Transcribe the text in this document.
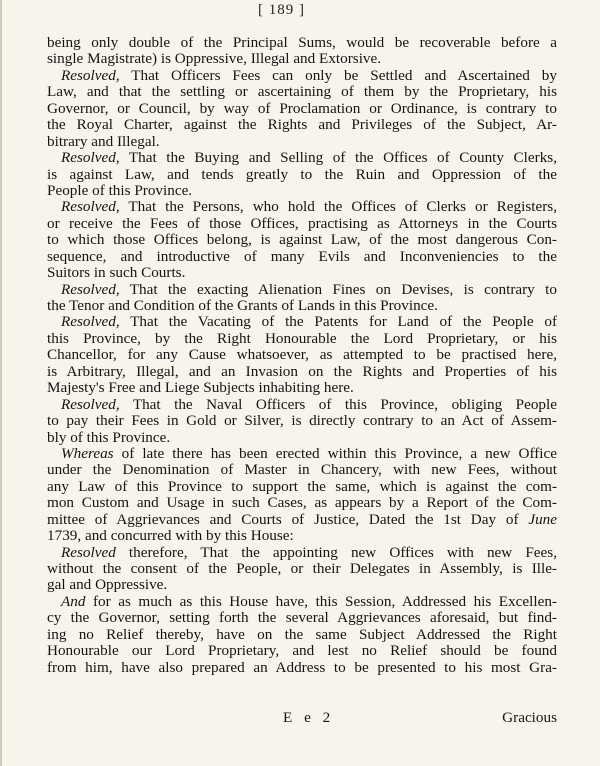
[ 189 ]
being only double of the Principal Sums, would be recoverable before a
single Magistrate) is Oppressive, Illegal and Extorsive.
Resolved, That Officers Fees can only be Settled and Ascertained by
Law, and that the settling or ascertaining of them by the Proprietary, his
Governor, or Council, by way of Proclamation or Ordinance, is contrary to
the Royal Charter, against the Rights and Privileges of the Subject, Ar-
bitrary and Illegal.
Resolved, That the Buying and Selling of the Offices of County Clerks,
is against Law, and tends greatly to the Ruin and Oppression of the
People of this Province.
Resolved, That the Persons, who hold the Offices of Clerks or Registers,
or receive the Fees of those Offices, practising as Attorneys in the Courts
to which those Offices belong, is against Law, of the most dangerous Con-
sequence, and introductive of many Evils and Inconveniencies to the
Suitors in such Courts.
Resolved, That the exacting Alienation Fines on Devises, is contrary to
the Tenor and Condition of the Grants of Lands in this Province.
Resolved, That the Vacating of the Patents for Land of the People of
this Province, by the Right Honourable the Lord Proprietary, or his
Chancellor, for any Cause whatsoever, as attempted to be practised here,
is Arbitrary, Illegal, and an Invasion on the Rights and Properties of his
Majesty's Free and Liege Subjects inhabiting here.
Resolved, That the Naval Officers of this Province, obliging People
to pay their Fees in Gold or Silver, is directly contrary to an Act of Assem-
bly of this Province.
Whereas of late there has been erected within this Province, a new Office
under the Denomination of Master in Chancery, with new Fees, without
any Law of this Province to support the same, which is against the com-
mon Custom and Usage in such Cases, as appears by a Report of the Com-
mittee of Aggrievances and Courts of Justice, Dated the 1st Day of June
1739, and concurred with by this House:
Resolved therefore, That the appointing new Offices with new Fees,
without the consent of the People, or their Delegates in Assembly, is Ille-
gal and Oppressive.
And for as much as this House have, this Session, Addressed his Excellen-
cy the Governor, setting forth the several Aggrievances aforesaid, but find-
ing no Relief thereby, have on the same Subject Addressed the Right
Honourable our Lord Proprietary, and lest no Relief should be found
from him, have also prepared an Address to be presented to his most Gra-
E e 2	Gracious
